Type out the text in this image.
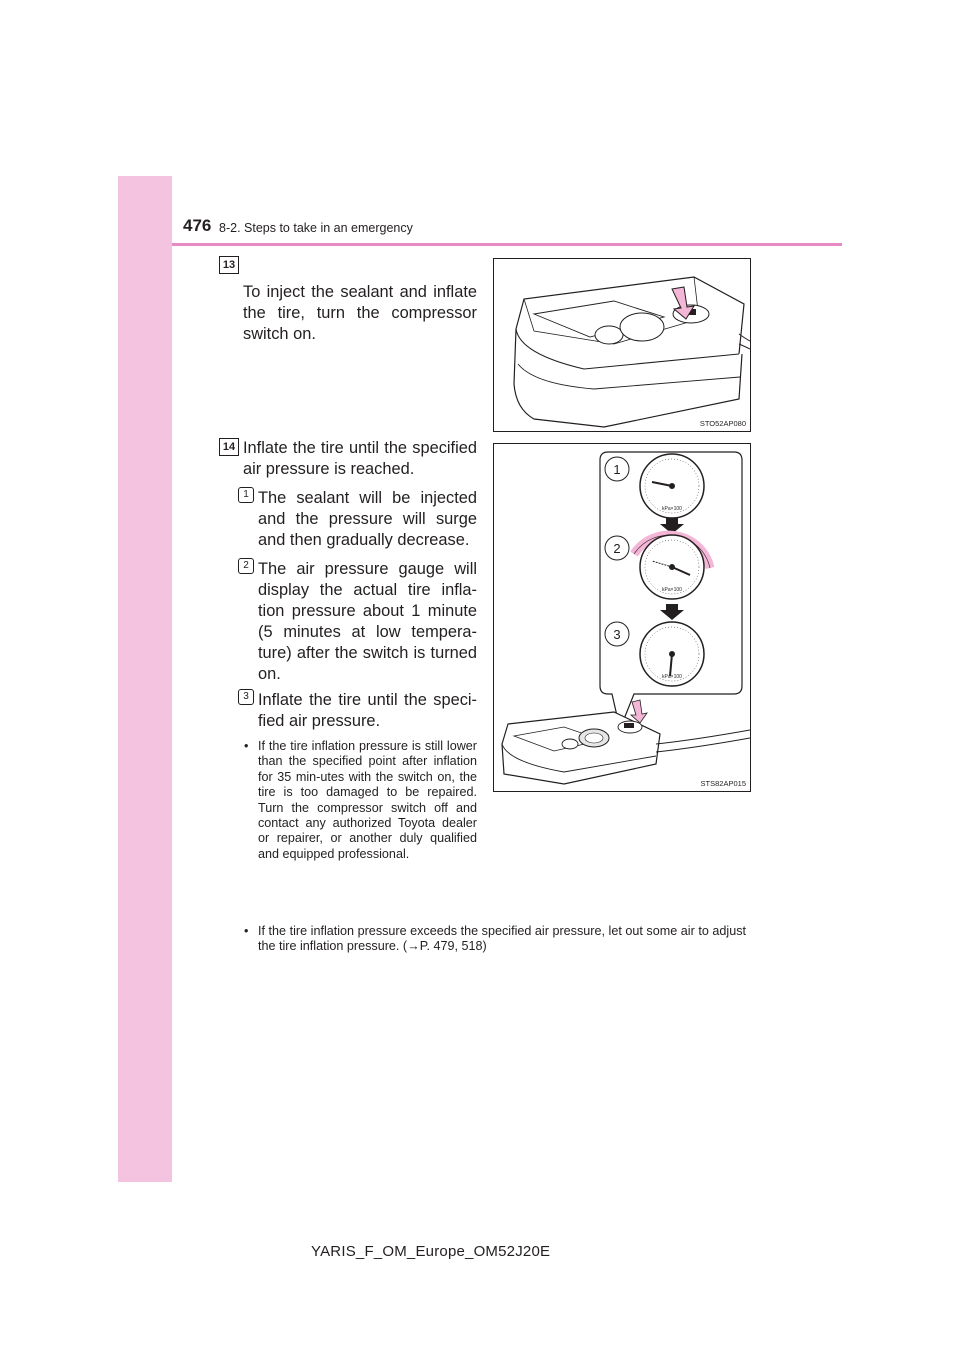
476 8-2. Steps to take in an emergency
13
To inject the sealant and inflate the tire, turn the compressor switch on.
STO52AP080
14 Inflate the tire until the specified air pressure is reached.
1 The sealant will be injected and the pressure will surge and then gradually decrease.
2 The air pressure gauge will display the actual tire infla-tion pressure about 1 minute (5 minutes at low tempera-ture) after the switch is turned on.
3 Inflate the tire until the speci-fied air pressure.
• If the tire inflation pressure is still lower than the specified point after inflation for 35 min-utes with the switch on, the tire is too damaged to be repaired. Turn the compressor switch off and contact any authorized Toyota dealer or repairer, or another duly qualified and equipped professional.
• If the tire inflation pressure exceeds the specified air pressure, let out some air to adjust the tire inflation pressure. (→P. 479, 518)
1
2
3
kPa×100
kPa×100
kPa×100
STS82AP015
YARIS_F_OM_Europe_OM52J20E
